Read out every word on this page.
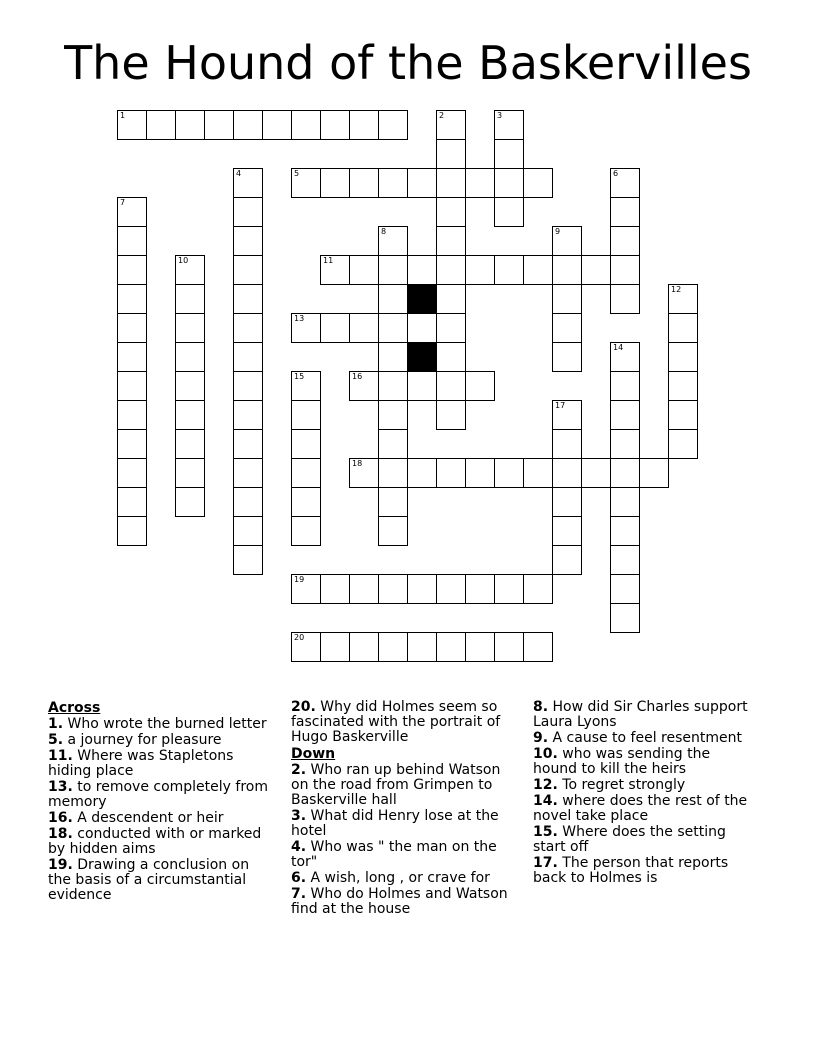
The Hound of the Baskervilles
1	2	3
4	5	6
7
8	9
10	11
12
13
14
15	16
17
18
19
20
Across
1. Who wrote the burned letter
5. a journey for pleasure
11. Where was Stapletons hiding place
13. to remove completely from memory
16. A descendent or heir
18. conducted with or marked by hidden aims
19. Drawing a conclusion on the basis of a circumstantial evidence
20. Why did Holmes seem so fascinated with the portrait of Hugo Baskerville
Down
2. Who ran up behind Watson on the road from Grimpen to Baskerville hall
3. What did Henry lose at the hotel
4. Who was " the man on the tor"
6. A wish, long , or crave for
7. Who do Holmes and Watson find at the house
8. How did Sir Charles support Laura Lyons
9. A cause to feel resentment
10. who was sending the hound to kill the heirs
12. To regret strongly
14. where does the rest of the novel take place
15. Where does the setting start off
17. The person that reports back to Holmes is
